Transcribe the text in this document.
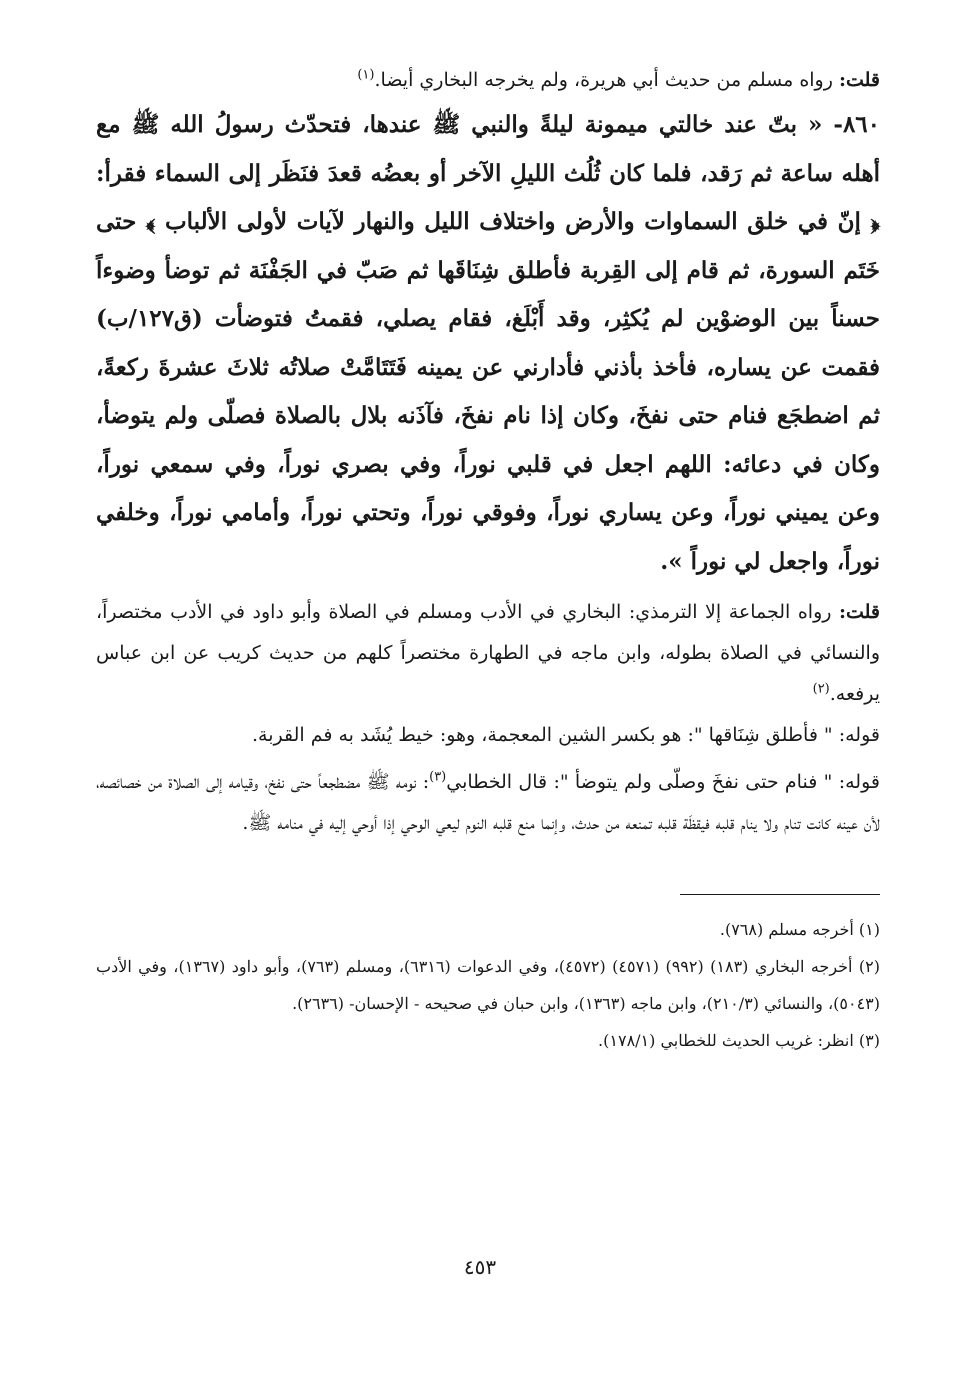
قلت: رواه مسلم من حديث أبي هريرة، ولم يخرجه البخاري أيضا.$^{(١)}$

٨٦٠- « بتّ عند خالتي ميمونة ليلةً والنبي ﷺ عندها، فتحدّث رسولُ الله ﷺ مع أهله ساعة ثم رَقد، فلما كان ثُلُث الليلِ الآخر أو بعضُه قعدَ فنَظَر إلى السماء فقرأ: ﴿ إنّ في خلق السماوات والأرض واختلاف الليل والنهار لآيات لأولى الألباب ﴾ حتى خَتَم السورة، ثم قام إلى القِربة فأطلق شِنَاقَها ثم صَبّ في الجَفْنَة ثم توضأ وضوءاً حسناً بين الوضوْين لم يُكثِر، وقد أَبْلَغ، فقام يصلي، فقمتُ فتوضأت (ق١٢٧/ب) فقمت عن يساره، فأخذ بأذني فأدارني عن يمينه فَتَتَامَّتْ صلاتُه ثلاثَ عشرةَ ركعةً، ثم اضطجَع فنام حتى نفخَ، وكان إذا نام نفخَ، فآذَنه بلال بالصلاة فصلّى ولم يتوضأ، وكان في دعائه: اللهم اجعل في قلبي نوراً، وفي بصري نوراً، وفي سمعي نوراً، وعن يميني نوراً، وعن يساري نوراً، وفوقي نوراً، وتحتي نوراً، وأمامي نوراً، وخلفي نوراً، واجعل لي نوراً ».

قلت: رواه الجماعة إلا الترمذي: البخاري في الأدب ومسلم في الصلاة وأبو داود في الأدب مختصراً، والنسائي في الصلاة بطوله، وابن ماجه في الطهارة مختصراً كلهم من حديث كريب عن ابن عباس يرفعه.$^{(٢)}$

قوله: " فأطلق شِنَاقها ": هو بكسر الشين المعجمة، وهو: خيط يُشَد به فم القربة.

قوله: " فنام حتى نفخَ وصلّى ولم يتوضأ ": قال الخطابي$^{(٣)}$: نومه ﷺ مضطجعاً حتى نفخ، وقيامه إلى الصلاة من خصائصه، لأن عينه كانت تنام ولا ينام قلبه فيقظَة قلبه تمنعه من حدث، وإنما منع قلبه النوم ليعي الوحي إذا أوحي إليه في منامه ﷺ.

(١) أخرجه مسلم (٧٦٨).

(٢) أخرجه البخاري (١٨٣) (٩٩٢) (٤٥٧١) (٤٥٧٢)، وفي الدعوات (٦٣١٦)، ومسلم (٧٦٣)، وأبو داود (١٣٦٧)، وفي الأدب (٥٠٤٣)، والنسائي (٢١٠/٣)، وابن ماجه (١٣٦٣)، وابن حبان في صحيحه - الإحسان- (٢٦٣٦).

(٣) انظر: غريب الحديث للخطابي (١٧٨/١).

٤٥٣
